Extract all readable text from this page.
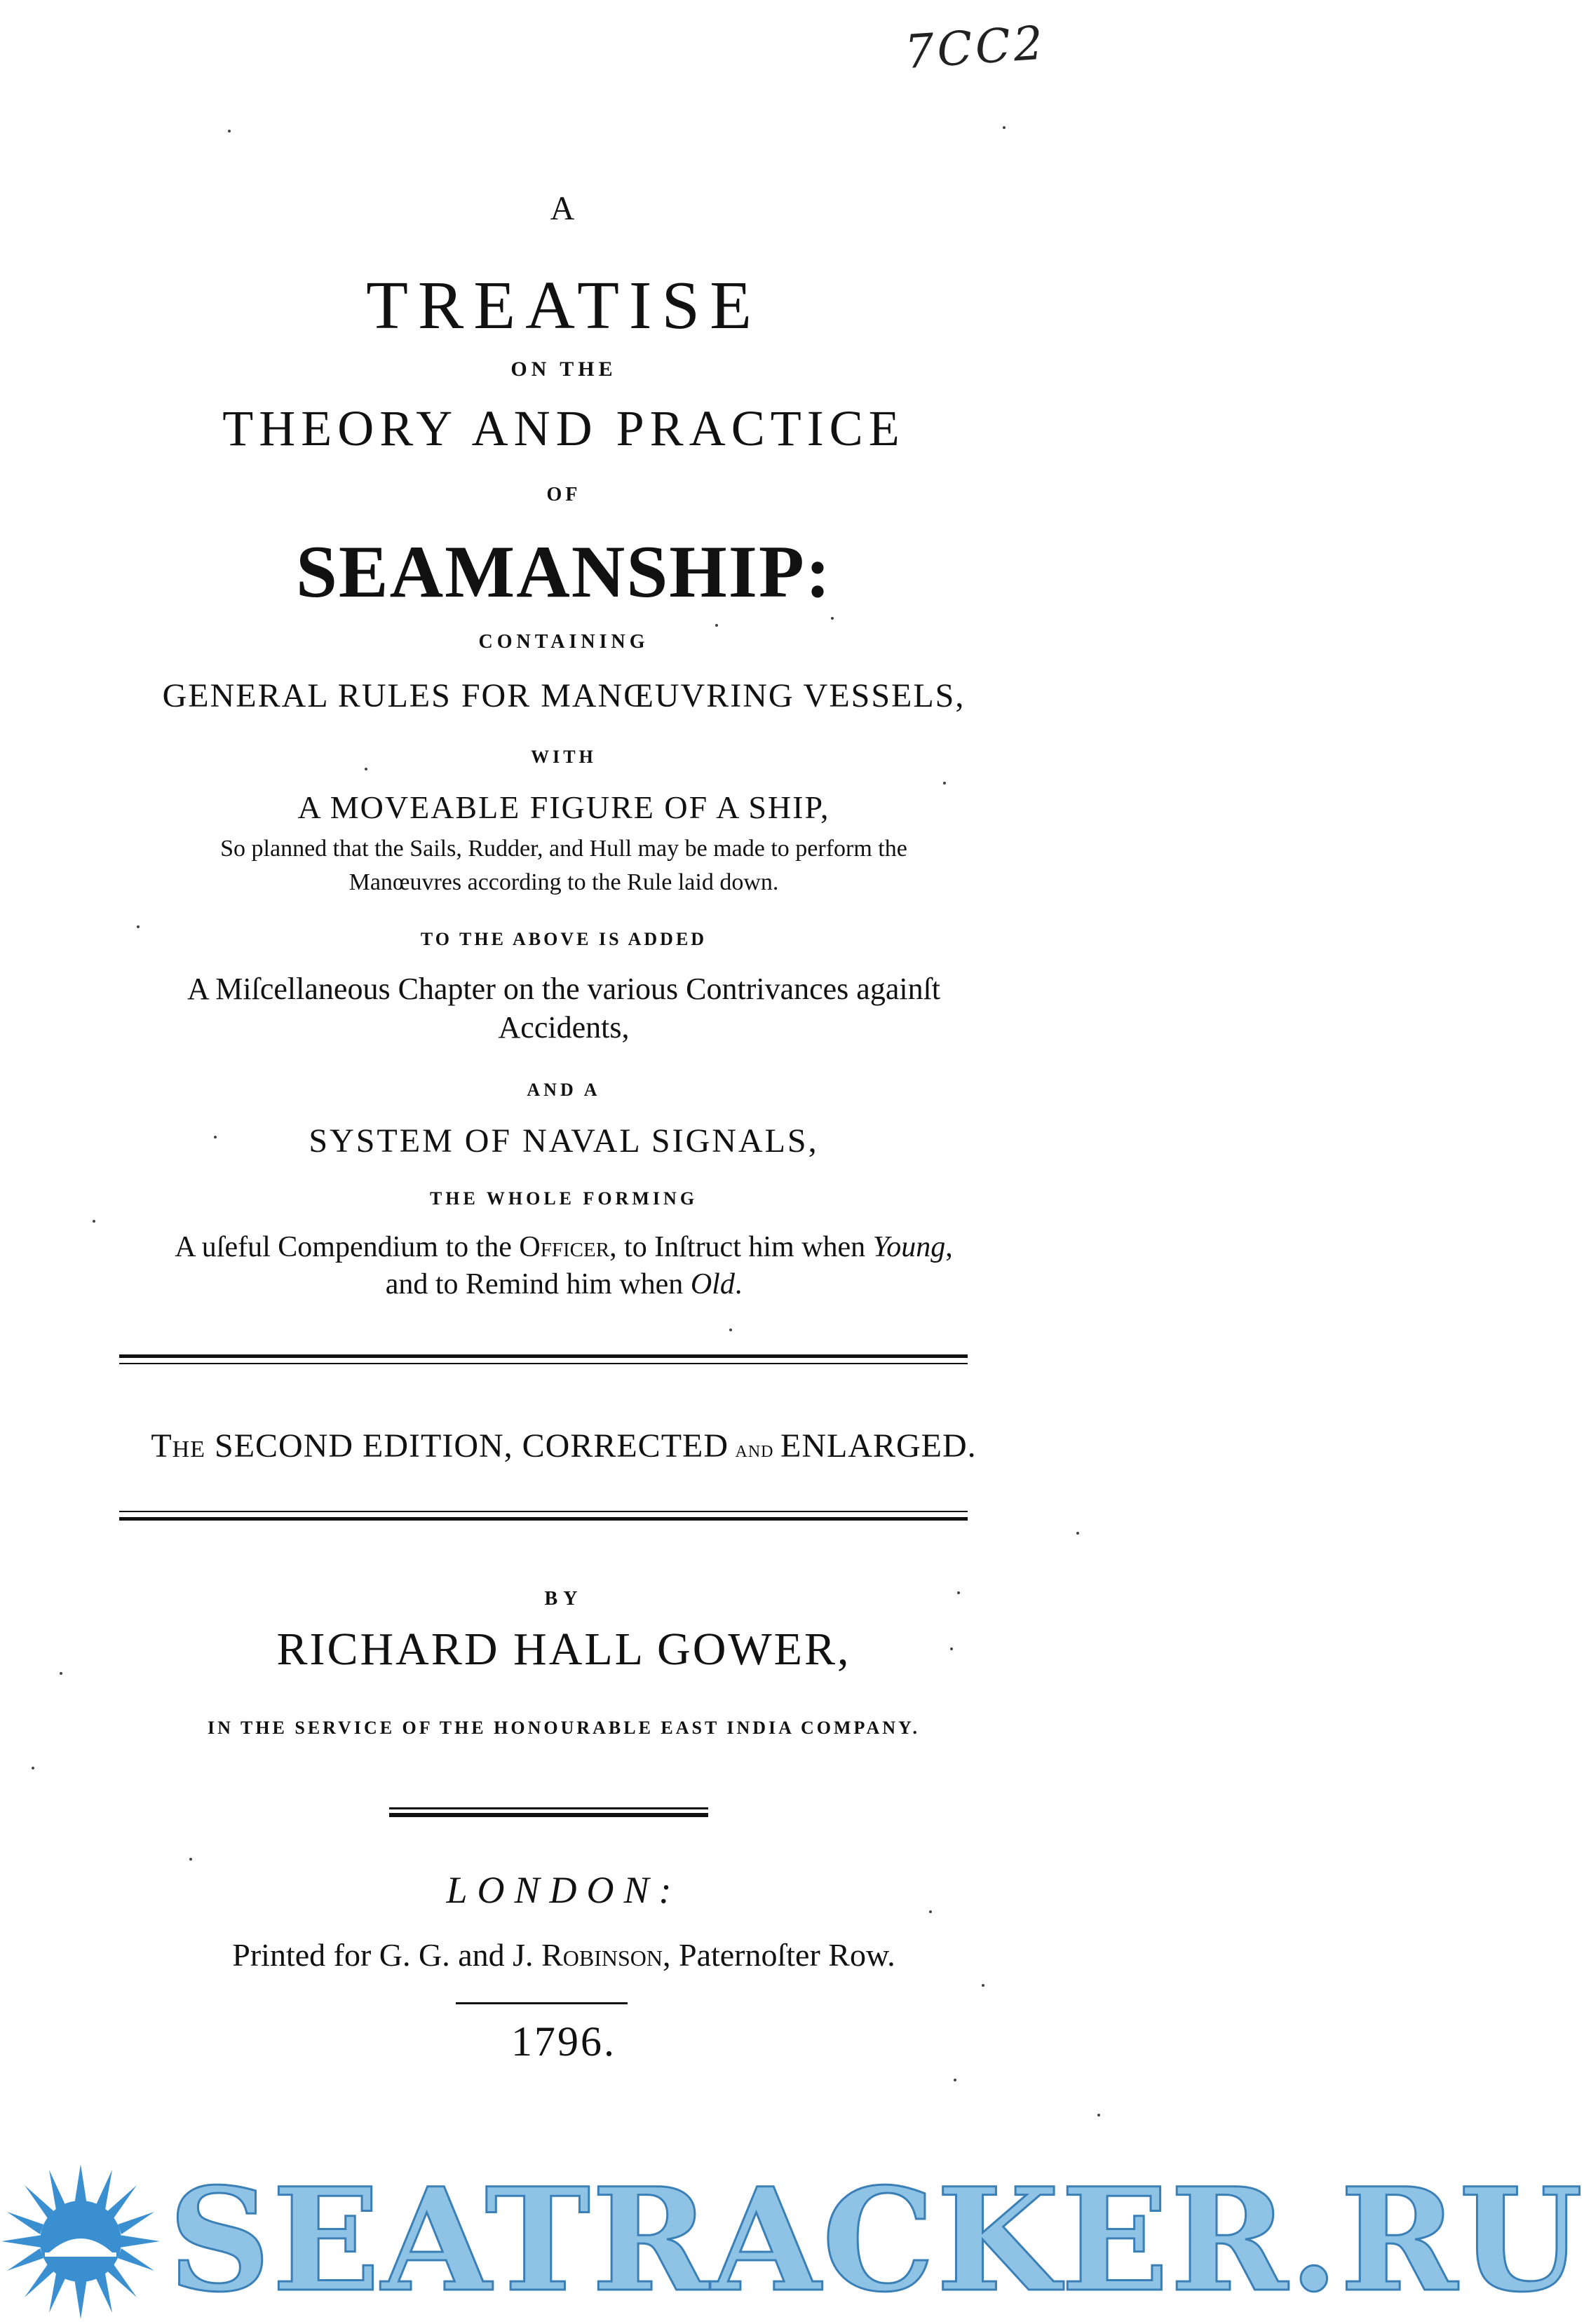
7CC2
A
TREATISE
ON THE
THEORY AND PRACTICE
OF
SEAMANSHIP:
CONTAINING
GENERAL RULES FOR MANŒUVRING VESSELS,
WITH
A MOVEABLE FIGURE OF A SHIP,
So planned that the Sails, Rudder, and Hull may be made to perform the
Manœuvres according to the Rule laid down.
TO THE ABOVE IS ADDED
A Miſcellaneous Chapter on the various Contrivances againſt
Accidents,
AND A
SYSTEM OF NAVAL SIGNALS,
THE WHOLE FORMING
A uſeful Compendium to the Officer, to Inſtruct him when Young,
and to Remind him when Old.
The SECOND EDITION, CORRECTED and ENLARGED.
BY
RICHARD HALL GOWER,
IN THE SERVICE OF THE HONOURABLE EAST INDIA COMPANY.
LONDON:
Printed for G. G. and J. Robinson, Paternoſter Row.
1796.
SEATRACKER.RU
